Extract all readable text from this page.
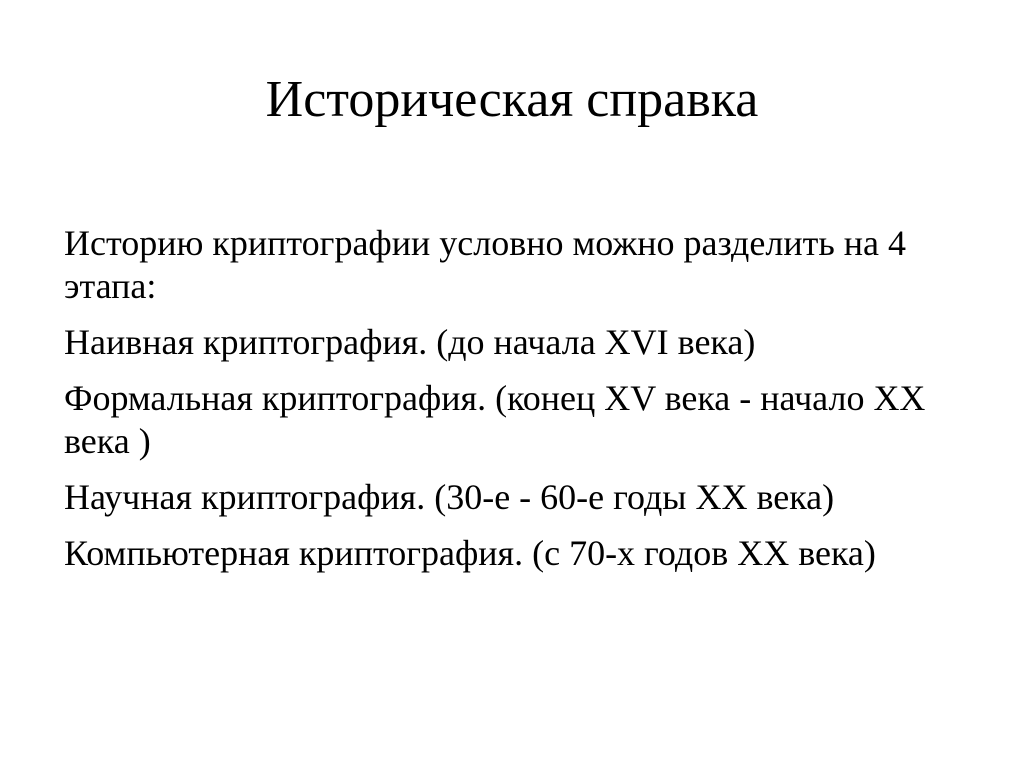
Историческая справка
Историю криптографии условно можно разделить на 4 этапа:
Наивная криптография. (до начала XVI века)
Формальная криптография. (конец XV века - начало XX века )
Научная криптография. (30-е - 60-е годы XX века)
Компьютерная криптография. (с 70-х годов XX века)
